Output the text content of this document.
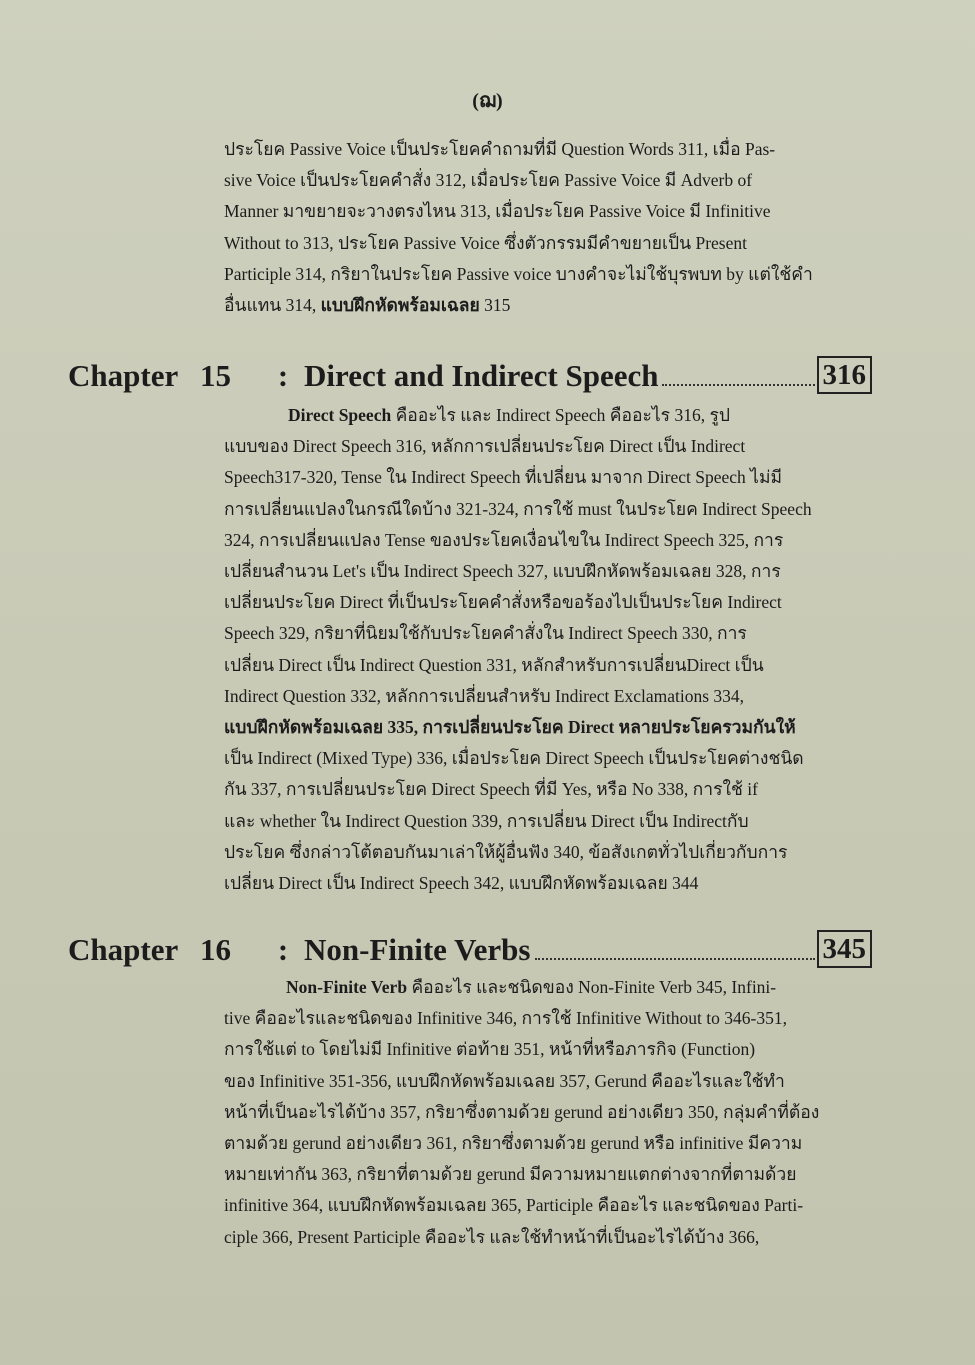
(ฌ)

ประโยค Passive Voice เป็นประโยคคำถามที่มี Question Words 311, เมื่อ Pas-
sive Voice เป็นประโยคคำสั่ง 312, เมื่อประโยค Passive Voice มี Adverb of
Manner มาขยายจะวางตรงไหน 313, เมื่อประโยค Passive Voice มี Infinitive
Without to 313, ประโยค Passive Voice ซึ่งตัวกรรมมีคำขยายเป็น Present
Participle 314, กริยาในประโยค Passive voice บางคำจะไม่ใช้บุรพบท by แต่ใช้คำ
อื่นแทน 314, แบบฝึกหัดพร้อมเฉลย 315

Chapter 15	: Direct and Indirect Speech	316

Direct Speech คืออะไร และ Indirect Speech คืออะไร 316, รูป
แบบของ Direct Speech 316, หลักการเปลี่ยนประโยค Direct เป็น Indirect
Speech317-320, Tense ใน Indirect Speech ที่เปลี่ยน มาจาก Direct Speech ไม่มี
การเปลี่ยนแปลงในกรณีใดบ้าง 321-324, การใช้ must ในประโยค Indirect Speech
324, การเปลี่ยนแปลง Tense ของประโยคเงื่อนไขใน Indirect Speech 325, การ
เปลี่ยนสำนวน Let's เป็น Indirect Speech 327, แบบฝึกหัดพร้อมเฉลย 328, การ
เปลี่ยนประโยค Direct ที่เป็นประโยคคำสั่งหรือขอร้องไปเป็นประโยค Indirect
Speech 329, กริยาที่นิยมใช้กับประโยคคำสั่งใน Indirect Speech 330, การ
เปลี่ยน Direct เป็น Indirect Question 331, หลักสำหรับการเปลี่ยนDirect เป็น
Indirect Question 332, หลักการเปลี่ยนสำหรับ Indirect Exclamations 334,
แบบฝึกหัดพร้อมเฉลย 335, การเปลี่ยนประโยค Direct หลายประโยครวมกันให้
เป็น Indirect (Mixed Type) 336, เมื่อประโยค Direct Speech เป็นประโยคต่างชนิด
กัน 337, การเปลี่ยนประโยค Direct Speech ที่มี Yes, หรือ No 338, การใช้ if
และ whether ใน Indirect Question 339, การเปลี่ยน Direct เป็น Indirectกับ
ประโยค ซึ่งกล่าวโต้ตอบกันมาเล่าให้ผู้อื่นฟัง 340, ข้อสังเกตทั่วไปเกี่ยวกับการ
เปลี่ยน Direct เป็น Indirect Speech 342, แบบฝึกหัดพร้อมเฉลย 344

Chapter 16	: Non-Finite Verbs	345

Non-Finite Verb คืออะไร และชนิดของ Non-Finite Verb 345, Infini-
tive คืออะไรและชนิดของ Infinitive 346, การใช้ Infinitive Without to 346-351,
การใช้แต่ to โดยไม่มี Infinitive ต่อท้าย 351, หน้าที่หรือภารกิจ (Function)
ของ Infinitive 351-356, แบบฝึกหัดพร้อมเฉลย 357, Gerund คืออะไรและใช้ทำ
หน้าที่เป็นอะไรได้บ้าง 357, กริยาซึ่งตามด้วย gerund อย่างเดียว 350, กลุ่มคำที่ต้อง
ตามด้วย gerund อย่างเดียว 361, กริยาซึ่งตามด้วย gerund หรือ infinitive มีความ
หมายเท่ากัน 363, กริยาที่ตามด้วย gerund มีความหมายแตกต่างจากที่ตามด้วย
infinitive 364, แบบฝึกหัดพร้อมเฉลย 365, Participle คืออะไร และชนิดของ Parti-
ciple 366, Present Participle คืออะไร และใช้ทำหน้าที่เป็นอะไรได้บ้าง 366,
